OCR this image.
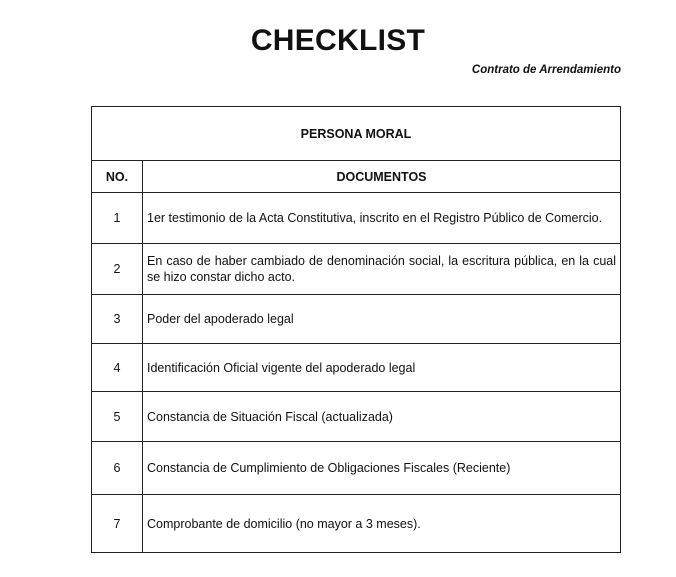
CHECKLIST
Contrato de Arrendamiento
PERSONA MORAL	
NO.	DOCUMENTOS
1	1er testimonio de la Acta Constitutiva, inscrito en el Registro Público de Comercio.
2	En caso de haber cambiado de denominación social, la escritura pública, en la cual se hizo constar dicho acto.
3	Poder del apoderado legal
4	Identificación Oficial vigente del apoderado legal
5	Constancia de Situación Fiscal (actualizada)
6	Constancia de Cumplimiento de Obligaciones Fiscales (Reciente)
7	Comprobante de domicilio (no mayor a 3 meses).
